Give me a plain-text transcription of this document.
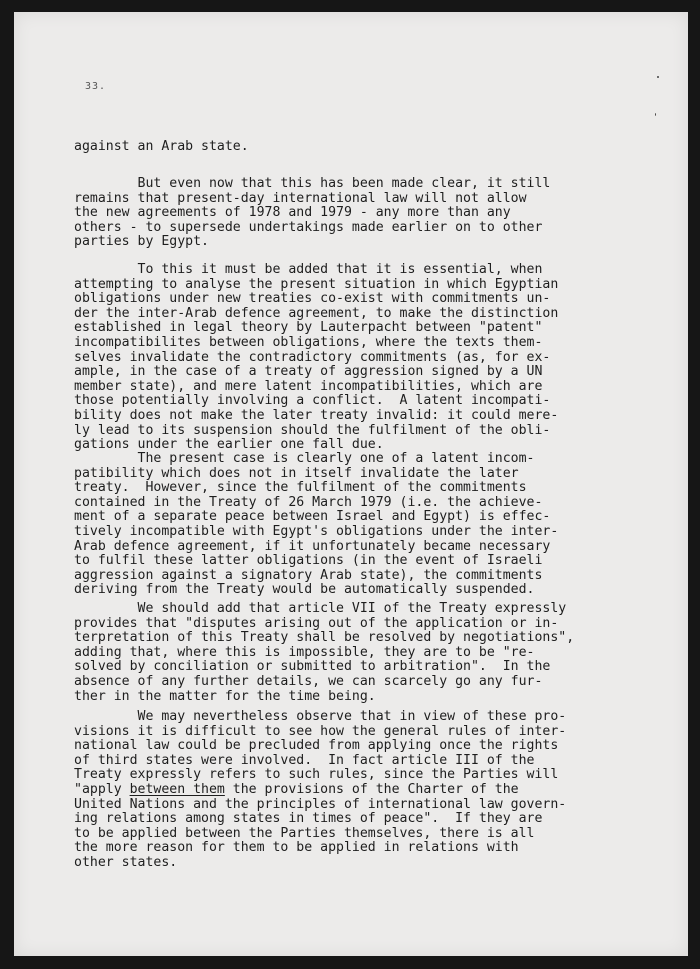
33.
against an Arab state.
But even now that this has been made clear, it still
remains that present-day international law will not allow
the new agreements of 1978 and 1979 - any more than any
others - to supersede undertakings made earlier on to other
parties by Egypt.
To this it must be added that it is essential, when
attempting to analyse the present situation in which Egyptian
obligations under new treaties co-exist with commitments un-
der the inter-Arab defence agreement, to make the distinction
established in legal theory by Lauterpacht between "patent"
incompatibilites between obligations, where the texts them-
selves invalidate the contradictory commitments (as, for ex-
ample, in the case of a treaty of aggression signed by a UN
member state), and mere latent incompatibilities, which are
those potentially involving a conflict.  A latent incompati-
bility does not make the later treaty invalid: it could mere-
ly lead to its suspension should the fulfilment of the obli-
gations under the earlier one fall due.
The present case is clearly one of a latent incom-
patibility which does not in itself invalidate the later
treaty.  However, since the fulfilment of the commitments
contained in the Treaty of 26 March 1979 (i.e. the achieve-
ment of a separate peace between Israel and Egypt) is effec-
tively incompatible with Egypt's obligations under the inter-
Arab defence agreement, if it unfortunately became necessary
to fulfil these latter obligations (in the event of Israeli
aggression against a signatory Arab state), the commitments
deriving from the Treaty would be automatically suspended.
We should add that article VII of the Treaty expressly
provides that "disputes arising out of the application or in-
terpretation of this Treaty shall be resolved by negotiations",
adding that, where this is impossible, they are to be "re-
solved by conciliation or submitted to arbitration".  In the
absence of any further details, we can scarcely go any fur-
ther in the matter for the time being.
We may nevertheless observe that in view of these pro-
visions it is difficult to see how the general rules of inter-
national law could be precluded from applying once the rights
of third states were involved.  In fact article III of the
Treaty expressly refers to such rules, since the Parties will
"apply between them the provisions of the Charter of the
United Nations and the principles of international law govern-
ing relations among states in times of peace".  If they are
to be applied between the Parties themselves, there is all
the more reason for them to be applied in relations with
other states.
